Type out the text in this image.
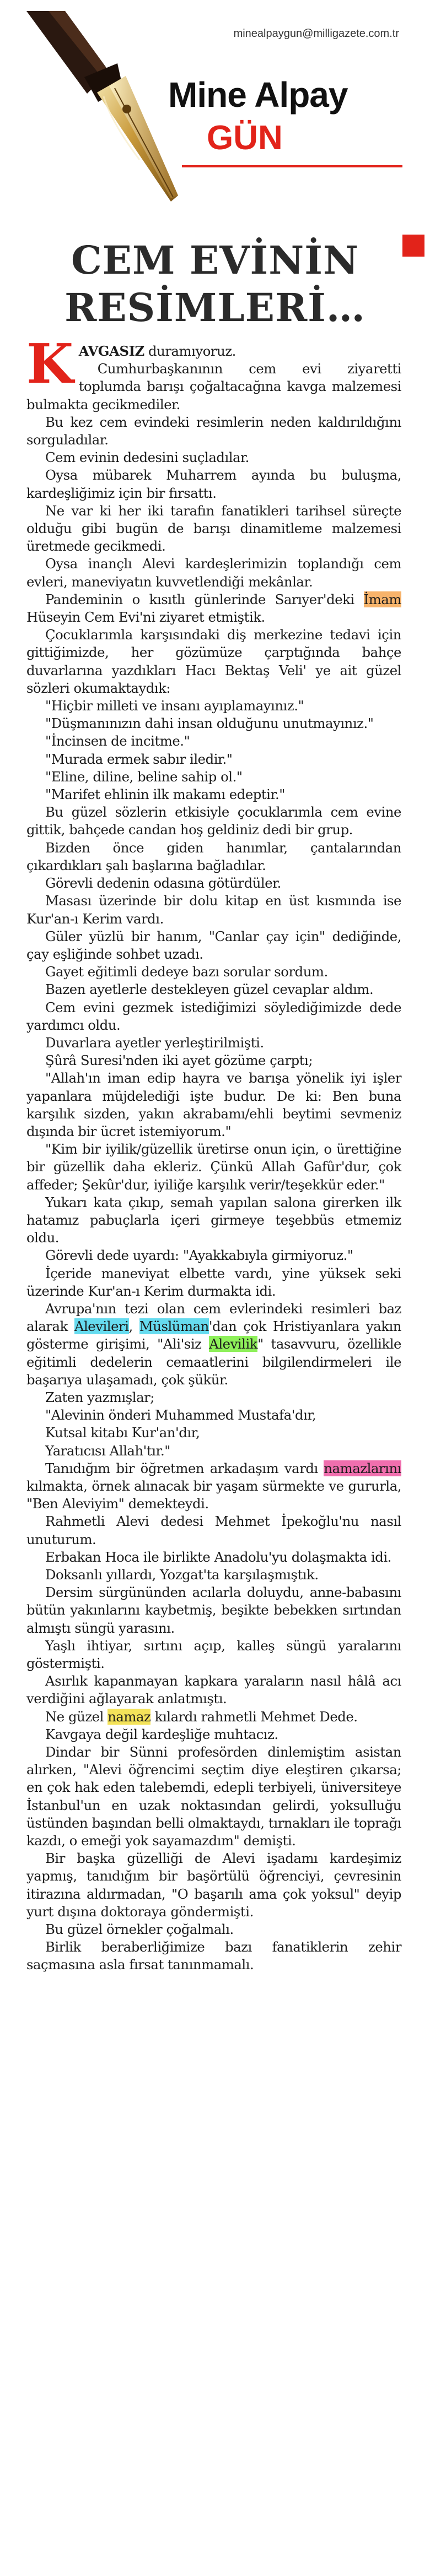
minealpaygun@milligazete.com.tr
Mine Alpay
GÜN
CEM EVİNİN
RESİMLERİ…

KAVGASIZ duramıyoruz.

Cumhurbaşkanının cem evi ziyaretti toplumda barışı çoğaltacağına kavga malzemesi bulmakta gecikmediler.

Bu kez cem evindeki resimlerin neden kaldırıldığını sorguladılar.

Cem evinin dedesini suçladılar.

Oysa mübarek Muharrem ayında bu buluşma, kardeşliğimiz için bir fırsattı.

Ne var ki her iki tarafın fanatikleri tarihsel süreçte olduğu gibi bugün de barışı dinamitleme malzemesi üretmede gecikmedi.

Oysa inançlı Alevi kardeşlerimizin toplandığı cem evleri, maneviyatın kuvvetlendiği mekânlar.

Pandeminin o kısıtlı günlerinde Sarıyer'deki İmam Hüseyin Cem Evi'ni ziyaret etmiştik.

Çocuklarımla karşısındaki diş merkezine tedavi için gittiğimizde, her gözümüze çarptığında bahçe duvarlarına yazdıkları Hacı Bektaş Veli' ye ait güzel sözleri okumaktaydık:

"Hiçbir milleti ve insanı ayıplamayınız."

"Düşmanınızın dahi insan olduğunu unutmayınız."

"İncinsen de incitme."

"Murada ermek sabır iledir."

"Eline, diline, beline sahip ol."

"Marifet ehlinin ilk makamı edeptir."

Bu güzel sözlerin etkisiyle çocuklarımla cem evine gittik, bahçede candan hoş geldiniz dedi bir grup.

Bizden önce giden hanımlar, çantalarından çıkardıkları şalı başlarına bağladılar.

Görevli dedenin odasına götürdüler.

Masası üzerinde bir dolu kitap en üst kısmında ise Kur'an-ı Kerim vardı.

Güler yüzlü bir hanım, "Canlar çay için" dediğinde, çay eşliğinde sohbet uzadı.

Gayet eğitimli dedeye bazı sorular sordum.

Bazen ayetlerle destekleyen güzel cevaplar aldım.

Cem evini gezmek istediğimizi söylediğimizde dede yardımcı oldu.

Duvarlara ayetler yerleştirilmişti.

Şûrâ Suresi'nden iki ayet gözüme çarptı;

"Allah'ın iman edip hayra ve barışa yönelik iyi işler yapanlara müjdelediği işte budur. De ki: Ben buna karşılık sizden, yakın akrabamı/ehli beytimi sevmeniz dışında bir ücret istemiyorum."

"Kim bir iyilik/güzellik üretirse onun için, o ürettiğine bir güzellik daha ekleriz. Çünkü Allah Gafûr'dur, çok affeder; Şekûr'dur, iyiliğe karşılık verir/teşekkür eder."

Yukarı kata çıkıp, semah yapılan salona girerken ilk hatamız pabuçlarla içeri girmeye teşebbüs etmemiz oldu.

Görevli dede uyardı: "Ayakkabıyla girmiyoruz."

İçeride maneviyat elbette vardı, yine yüksek seki üzerinde Kur'an-ı Kerim durmakta idi.

Avrupa'nın tezi olan cem evlerindeki resimleri baz alarak Alevileri, Müslüman'dan çok Hristiyanlara yakın gösterme girişimi, "Ali'siz Alevilik" tasavvuru, özellikle eğitimli dedelerin cemaatlerini bilgilendirmeleri ile başarıya ulaşamadı, çok şükür.

Zaten yazmışlar;

"Alevinin önderi Muhammed Mustafa'dır,

Kutsal kitabı Kur'an'dır,

Yaratıcısı Allah'tır."

Tanıdığım bir öğretmen arkadaşım vardı namazlarını kılmakta, örnek alınacak bir yaşam sürmekte ve gururla, "Ben Aleviyim" demekteydi.

Rahmetli Alevi dedesi Mehmet İpekoğlu'nu nasıl unuturum.

Erbakan Hoca ile birlikte Anadolu'yu dolaşmakta idi.

Doksanlı yıllardı, Yozgat'ta karşılaşmıştık.

Dersim sürgününden acılarla doluydu, anne-babasını bütün yakınlarını kaybetmiş, beşikte bebekken sırtından almıştı süngü yarasını.

Yaşlı ihtiyar, sırtını açıp, kalleş süngü yaralarını göstermişti.

Asırlık kapanmayan kapkara yaraların nasıl hâlâ acı verdiğini ağlayarak anlatmıştı.

Ne güzel namaz kılardı rahmetli Mehmet Dede.

Kavgaya değil kardeşliğe muhtacız.

Dindar bir Sünni profesörden dinlemiştim asistan alırken, "Alevi öğrencimi seçtim diye eleştiren çıkarsa; en çok hak eden talebemdi, edepli terbiyeli, üniversiteye İstanbul'un en uzak noktasından gelirdi, yoksulluğu üstünden başından belli olmaktaydı, tırnakları ile toprağı kazdı, o emeği yok sayamazdım" demişti.

Bir başka güzelliği de Alevi işadamı kardeşimiz yapmış, tanıdığım bir başörtülü öğrenciyi, çevresinin itirazına aldırmadan, "O başarılı ama çok yoksul" deyip yurt dışına doktoraya göndermişti.

Bu güzel örnekler çoğalmalı.

Birlik beraberliğimize bazı fanatiklerin zehir saçmasına asla fırsat tanınmamalı.
